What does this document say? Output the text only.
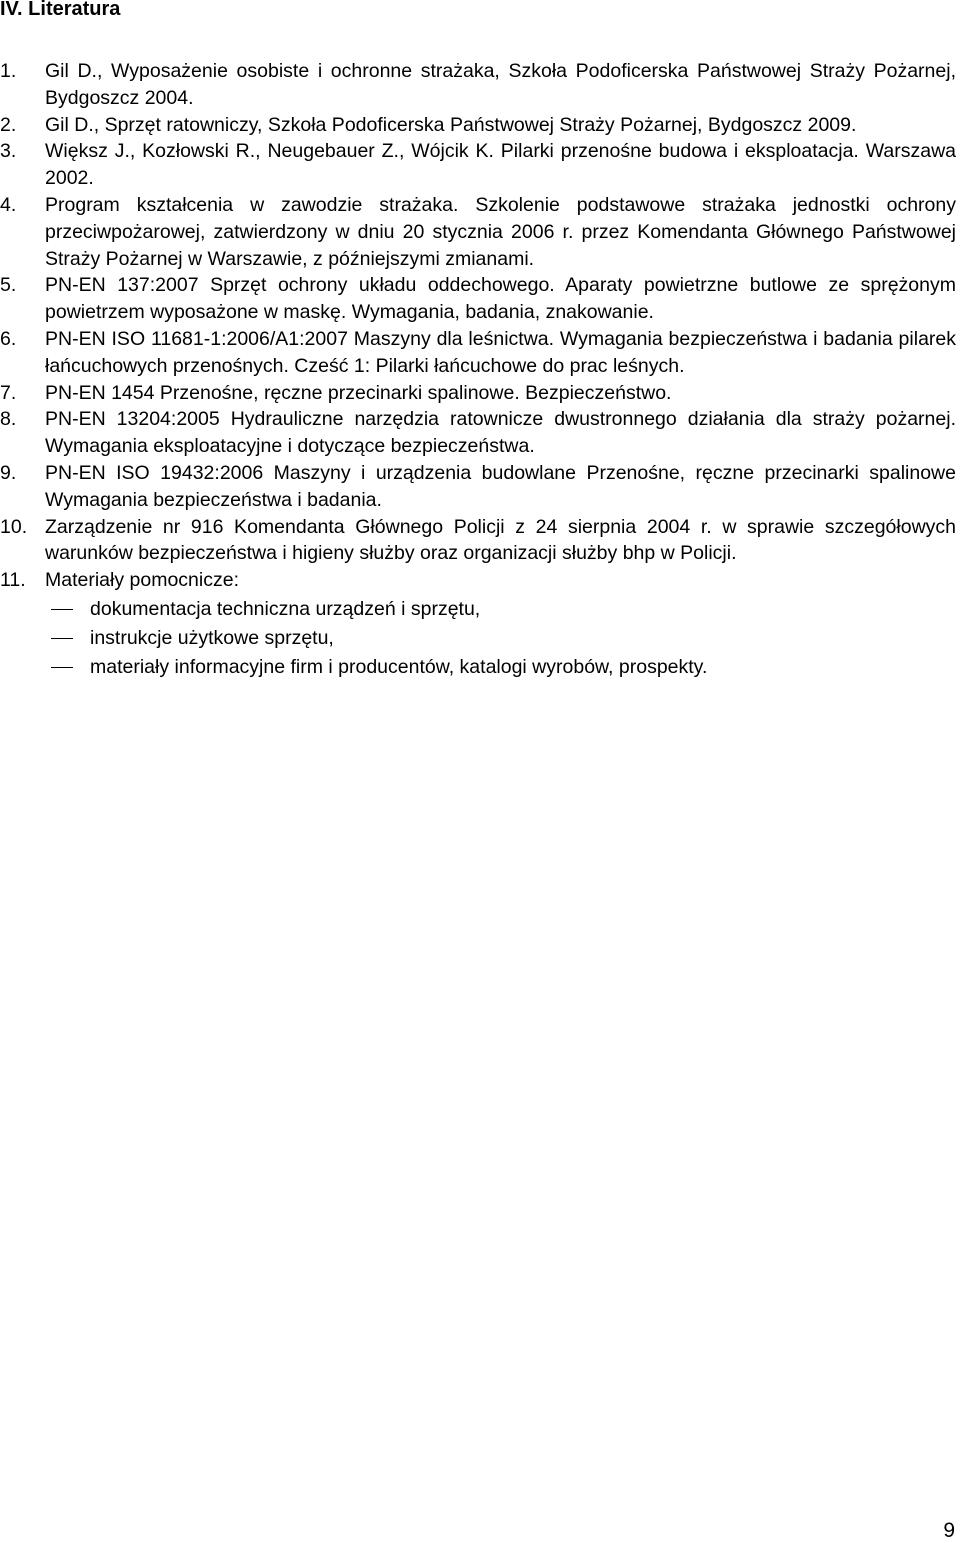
IV. Literatura
1.	Gil D., Wyposażenie osobiste i ochronne strażaka, Szkoła Podoficerska Państwowej Straży Pożarnej, Bydgoszcz 2004.
2.	Gil D., Sprzęt ratowniczy, Szkoła Podoficerska Państwowej Straży Pożarnej, Bydgoszcz 2009.
3.	Większ J., Kozłowski R., Neugebauer Z., Wójcik K. Pilarki przenośne budowa i eksploatacja. Warszawa 2002.
4.	Program kształcenia w zawodzie strażaka. Szkolenie podstawowe strażaka jednostki ochrony przeciwpożarowej, zatwierdzony w dniu 20 stycznia 2006 r. przez Komendanta Głównego Państwowej Straży Pożarnej w Warszawie, z późniejszymi zmianami.
5.	PN-EN 137:2007 Sprzęt ochrony układu oddechowego. Aparaty powietrzne butlowe ze sprężonym powietrzem wyposażone w maskę. Wymagania, badania, znakowanie.
6.	PN-EN ISO 11681-1:2006/A1:2007 Maszyny dla leśnictwa. Wymagania bezpieczeństwa i badania pilarek łańcuchowych przenośnych. Cześć 1: Pilarki łańcuchowe do prac leśnych.
7.	PN-EN 1454 Przenośne, ręczne przecinarki spalinowe. Bezpieczeństwo.
8.	PN-EN 13204:2005 Hydrauliczne narzędzia ratownicze dwustronnego działania dla straży pożarnej. Wymagania eksploatacyjne i dotyczące bezpieczeństwa.
9.	PN-EN ISO 19432:2006 Maszyny i urządzenia budowlane Przenośne, ręczne przecinarki spalinowe Wymagania bezpieczeństwa i badania.
10. Zarządzenie nr 916 Komendanta Głównego Policji z 24 sierpnia 2004 r. w sprawie szczegółowych warunków bezpieczeństwa i higieny służby oraz organizacji służby bhp w Policji.
11. Materiały pomocnicze:
dokumentacja techniczna urządzeń i sprzętu,
instrukcje użytkowe sprzętu,
materiały informacyjne firm i producentów, katalogi wyrobów, prospekty.
9
